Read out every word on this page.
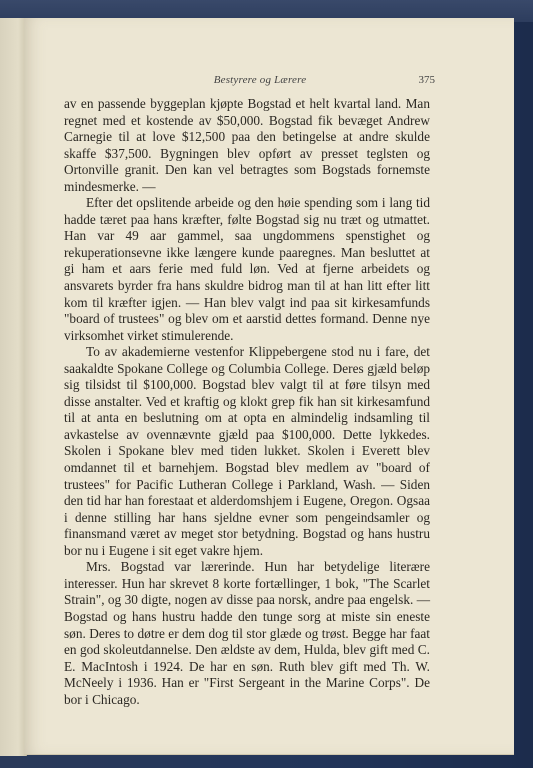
Bestyrere og Lærere	375

av en passende byggeplan kjøpte Bogstad et helt kvartal land. Man regnet med et kostende av $50,000. Bogstad fik bevæget Andrew Carnegie til at love $12,500 paa den betingelse at andre skulde skaffe $37,500. Bygningen blev opført av presset teglsten og Ortonville granit. Den kan vel betragtes som Bogstads fornemste mindesmerke. —

Efter det opslitende arbeide og den høie spending som i lang tid hadde tæret paa hans kræfter, følte Bogstad sig nu træt og utmattet. Han var 49 aar gammel, saa ungdommens spenstighet og rekuperationsevne ikke længere kunde paaregnes. Man besluttet at gi ham et aars ferie med fuld løn. Ved at fjerne arbeidets og ansvarets byrder fra hans skuldre bidrog man til at han litt efter litt kom til kræfter igjen. — Han blev valgt ind paa sit kirkesamfunds "board of trustees" og blev om et aarstid dettes formand. Denne nye virksomhet virket stimulerende.

To av akademierne vestenfor Klippebergene stod nu i fare, det saakaldte Spokane College og Columbia College. Deres gjæld beløp sig tilsidst til $100,000. Bogstad blev valgt til at føre tilsyn med disse anstalter. Ved et kraftig og klokt grep fik han sit kirkesamfund til at anta en beslutning om at opta en almindelig indsamling til avkastelse av ovennævnte gjæld paa $100,000. Dette lykkedes. Skolen i Spokane blev med tiden lukket. Skolen i Everett blev omdannet til et barnehjem. Bogstad blev medlem av "board of trustees" for Pacific Lutheran College i Parkland, Wash. — Siden den tid har han forestaat et alderdomshjem i Eugene, Oregon. Ogsaa i denne stilling har hans sjeldne evner som pengeindsamler og finansmand været av meget stor betydning. Bogstad og hans hustru bor nu i Eugene i sit eget vakre hjem.

Mrs. Bogstad var lærerinde. Hun har betydelige literære interesser. Hun har skrevet 8 korte fortællinger, 1 bok, "The Scarlet Strain", og 30 digte, nogen av disse paa norsk, andre paa engelsk. — Bogstad og hans hustru hadde den tunge sorg at miste sin eneste søn. Deres to døtre er dem dog til stor glæde og trøst. Begge har faat en god skoleutdannelse. Den ældste av dem, Hulda, blev gift med C. E. MacIntosh i 1924. De har en søn. Ruth blev gift med Th. W. McNeely i 1936. Han er "First Sergeant in the Marine Corps". De bor i Chicago.
